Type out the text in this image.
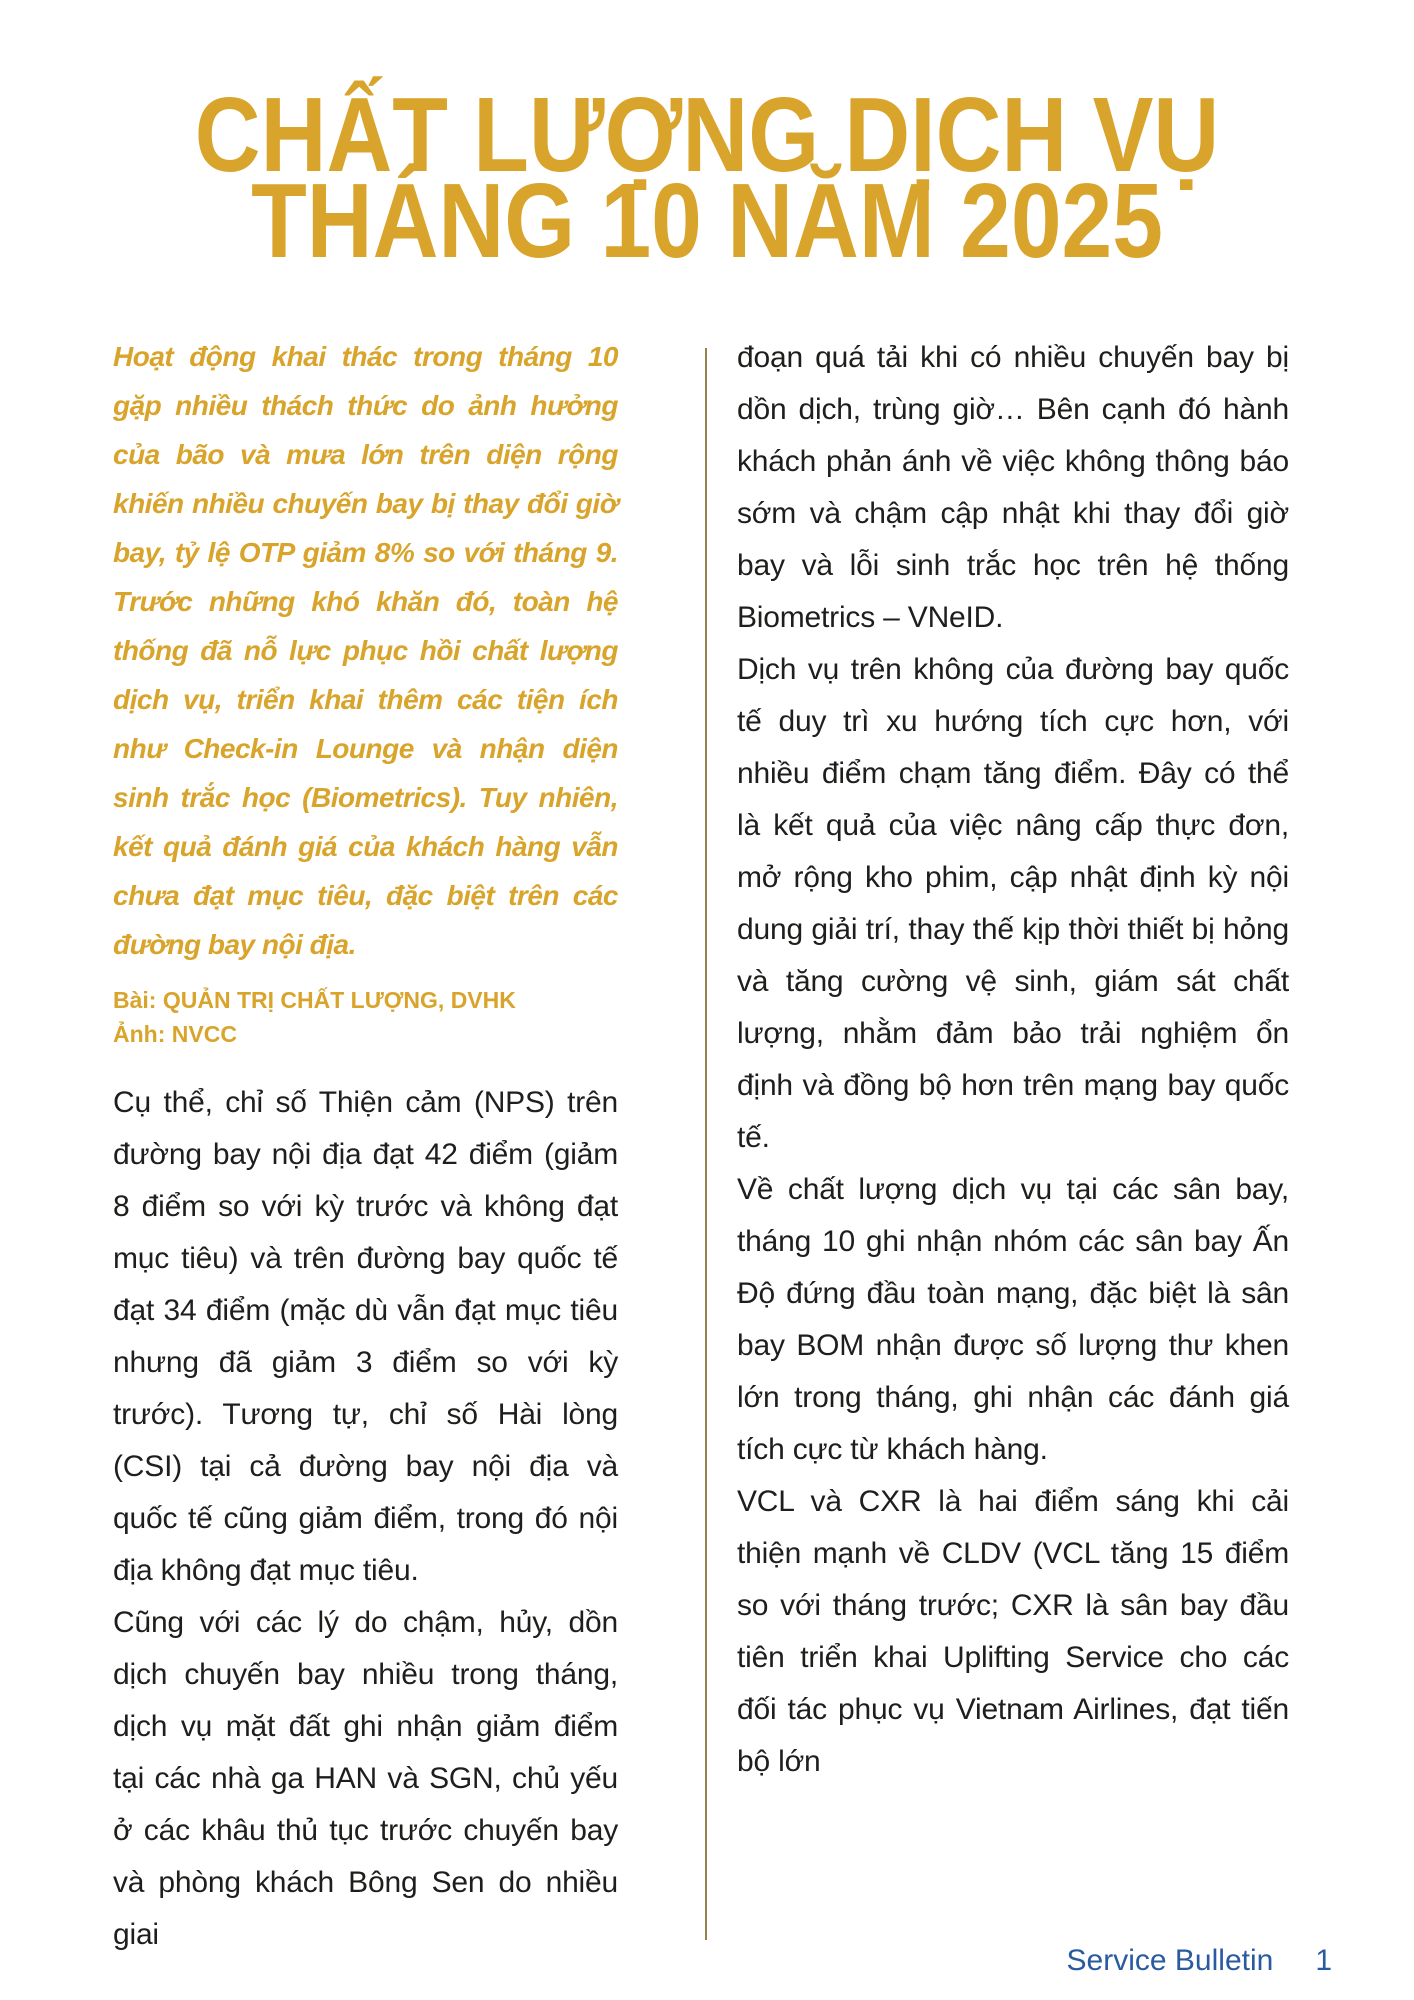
CHẤT LƯỢNG DỊCH VỤ
THÁNG 10 NĂM 2025

Hoạt động khai thác trong tháng 10 gặp nhiều thách thức do ảnh hưởng của bão và mưa lớn trên diện rộng khiến nhiều chuyến bay bị thay đổi giờ bay, tỷ lệ OTP giảm 8% so với tháng 9. Trước những khó khăn đó, toàn hệ thống đã nỗ lực phục hồi chất lượng dịch vụ, triển khai thêm các tiện ích như Check-in Lounge và nhận diện sinh trắc học (Biometrics). Tuy nhiên, kết quả đánh giá của khách hàng vẫn chưa đạt mục tiêu, đặc biệt trên các đường bay nội địa.

Bài: QUẢN TRỊ CHẤT LƯỢNG, DVHK
Ảnh: NVCC

Cụ thể, chỉ số Thiện cảm (NPS) trên đường bay nội địa đạt 42 điểm (giảm 8 điểm so với kỳ trước và không đạt mục tiêu) và trên đường bay quốc tế đạt 34 điểm (mặc dù vẫn đạt mục tiêu nhưng đã giảm 3 điểm so với kỳ trước). Tương tự, chỉ số Hài lòng (CSI) tại cả đường bay nội địa và quốc tế cũng giảm điểm, trong đó nội địa không đạt mục tiêu.

Cũng với các lý do chậm, hủy, dồn dịch chuyến bay nhiều trong tháng, dịch vụ mặt đất ghi nhận giảm điểm tại các nhà ga HAN và SGN, chủ yếu ở các khâu thủ tục trước chuyến bay và phòng khách Bông Sen do nhiều giai

đoạn quá tải khi có nhiều chuyến bay bị dồn dịch, trùng giờ… Bên cạnh đó hành khách phản ánh về việc không thông báo sớm và chậm cập nhật khi thay đổi giờ bay và lỗi sinh trắc học trên hệ thống Biometrics – VNeID.

Dịch vụ trên không của đường bay quốc tế duy trì xu hướng tích cực hơn, với nhiều điểm chạm tăng điểm. Đây có thể là kết quả của việc nâng cấp thực đơn, mở rộng kho phim, cập nhật định kỳ nội dung giải trí, thay thế kịp thời thiết bị hỏng và tăng cường vệ sinh, giám sát chất lượng, nhằm đảm bảo trải nghiệm ổn định và đồng bộ hơn trên mạng bay quốc tế.

Về chất lượng dịch vụ tại các sân bay, tháng 10 ghi nhận nhóm các sân bay Ấn Độ đứng đầu toàn mạng, đặc biệt là sân bay BOM nhận được số lượng thư khen lớn trong tháng, ghi nhận các đánh giá tích cực từ khách hàng.

VCL và CXR là hai điểm sáng khi cải thiện mạnh về CLDV (VCL tăng 15 điểm so với tháng trước; CXR là sân bay đầu tiên triển khai Uplifting Service cho các đối tác phục vụ Vietnam Airlines, đạt tiến bộ lớn

Service Bulletin 1
